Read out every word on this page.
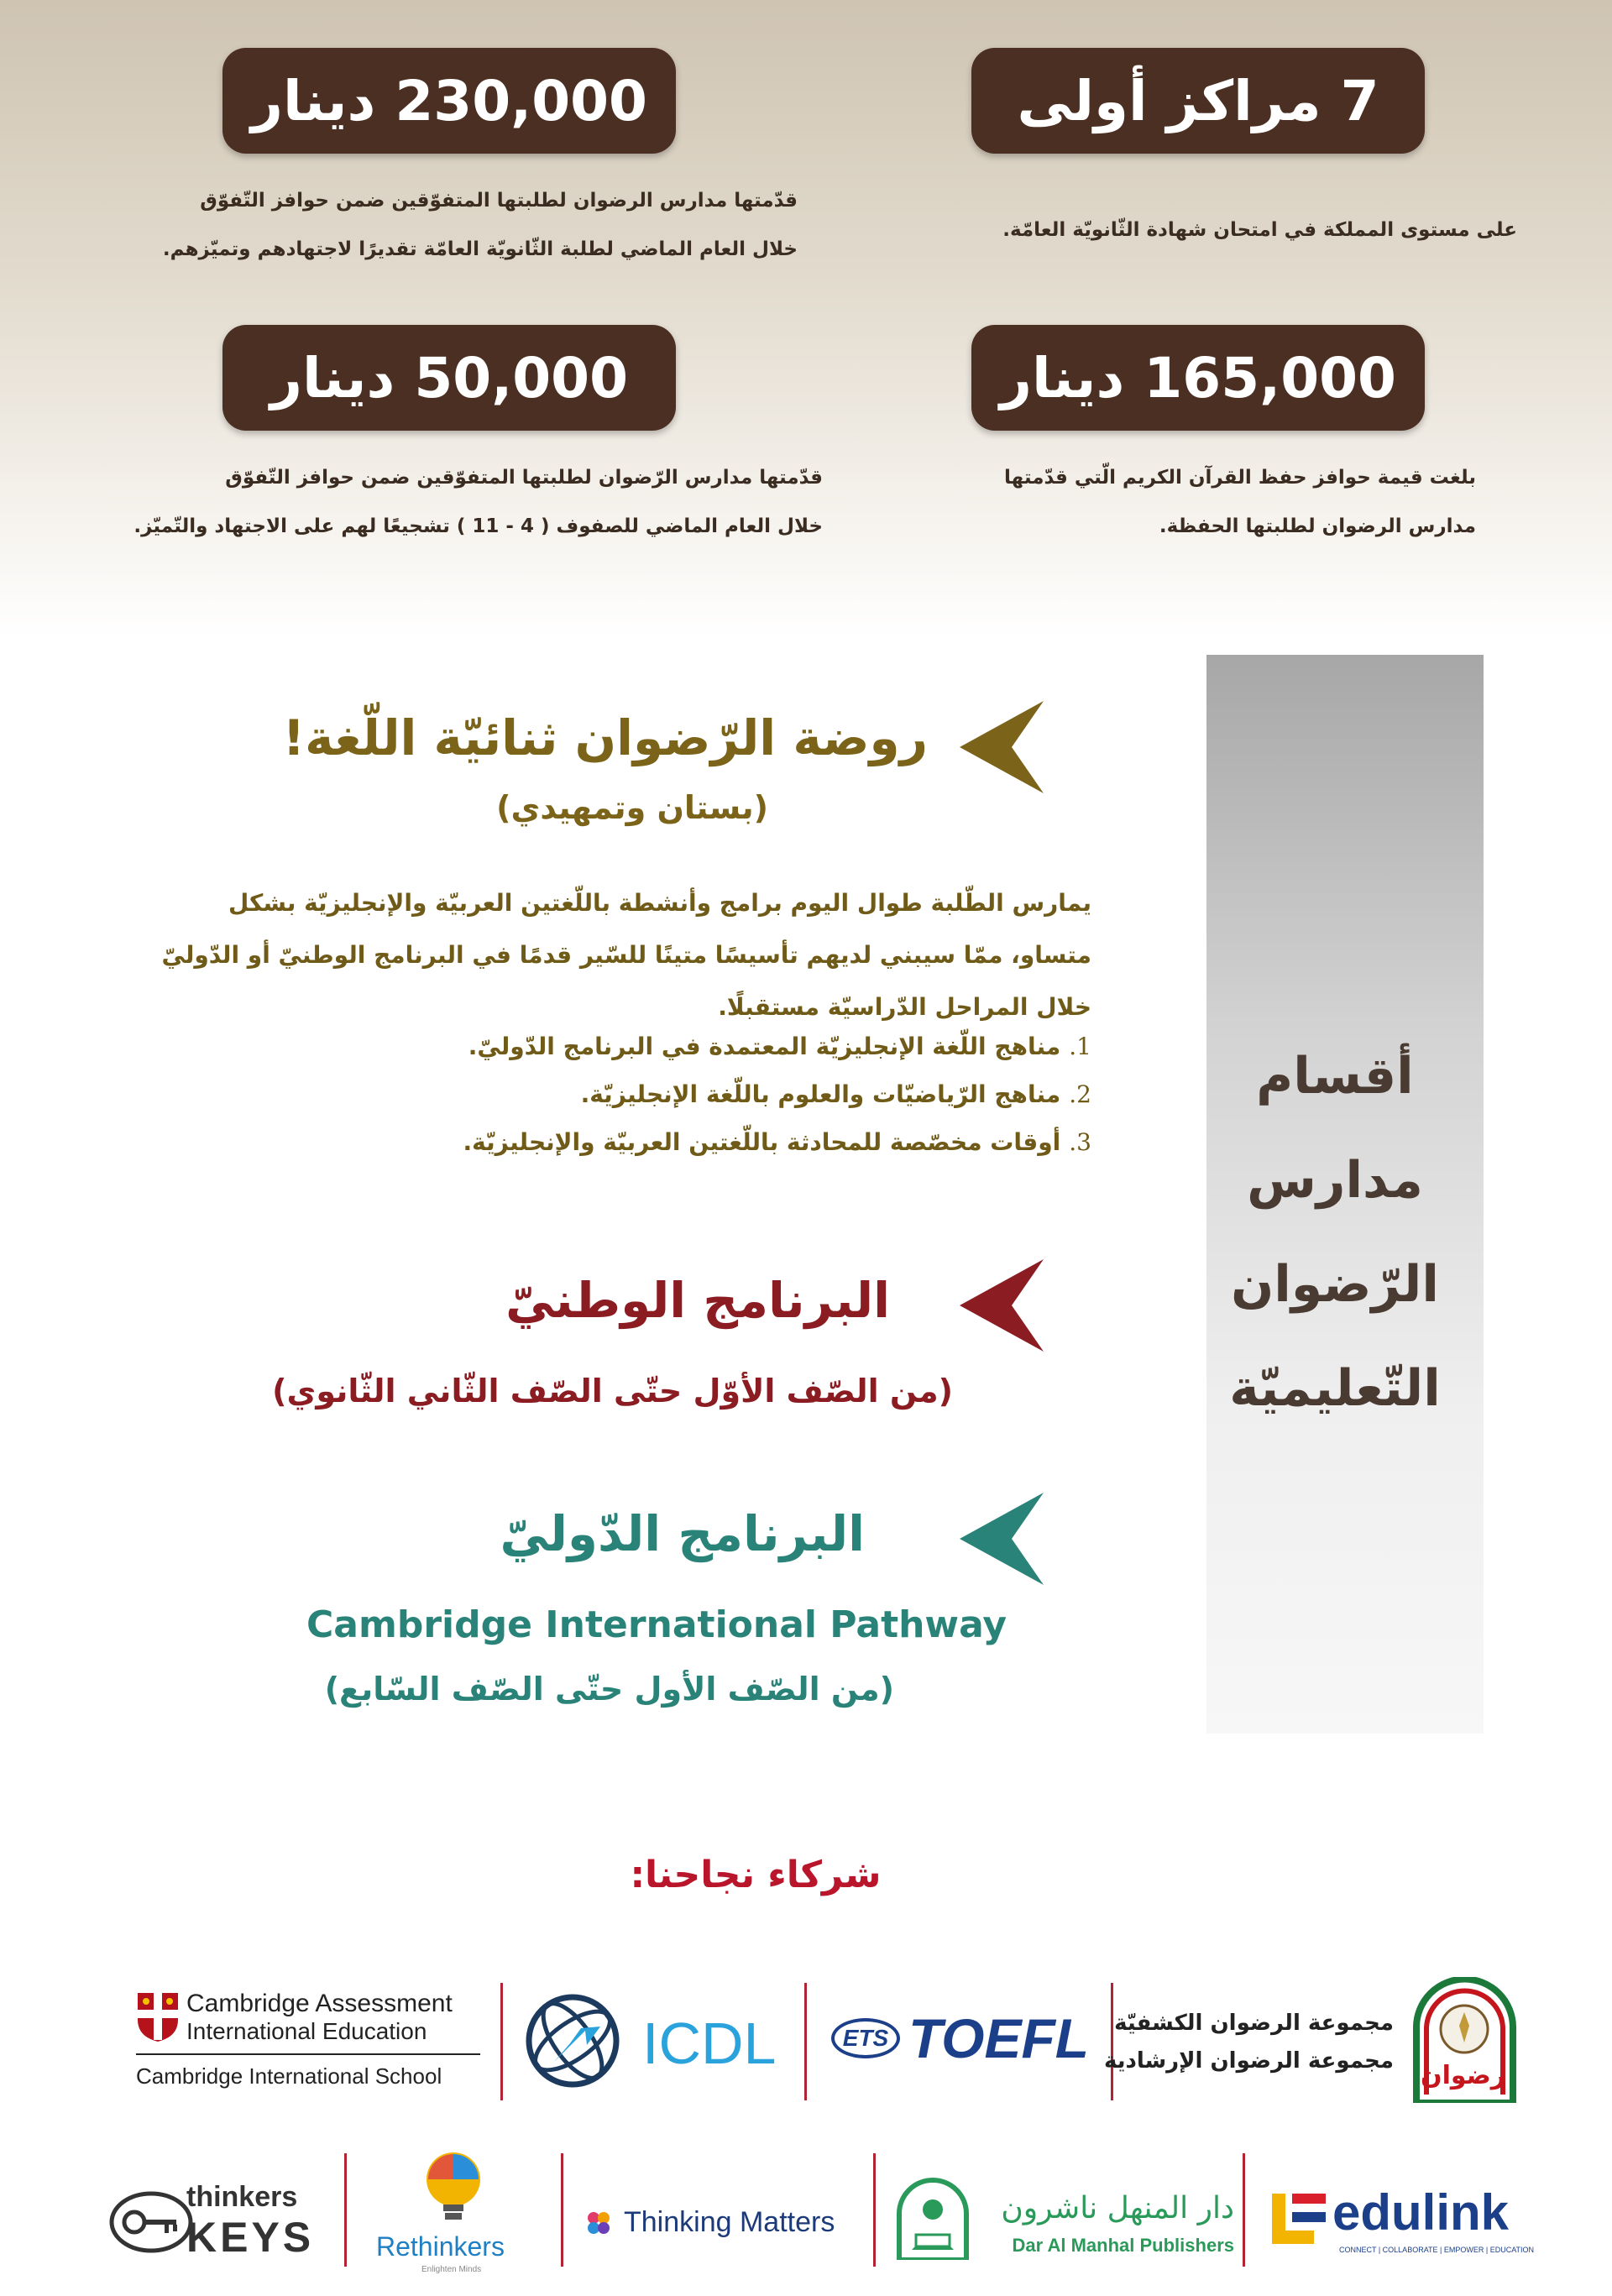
7 مراكز أولى
على مستوى المملكة في امتحان شهادة الثّانويّة العامّة.
230,000 دينار
قدّمتها مدارس الرضوان لطلبتها المتفوّقين ضمن حوافز التّفوّق
خلال العام الماضي لطلبة الثّانويّة العامّة تقديرًا لاجتهادهم وتميّزهم.
165,000 دينار
بلغت قيمة حوافز حفظ القرآن الكريم الّتي قدّمتها
مدارس الرضوان لطلبتها الحفظة.
50,000 دينار
قدّمتها مدارس الرّضوان لطلبتها المتفوّقين ضمن حوافز التّفوّق
خلال العام الماضي للصفوف ( 4 - 11 ) تشجيعًا لهم على الاجتهاد والتّميّز.
أقسام
مدارس
الرّضوان
التّعليميّة
روضة الرّضوان ثنائيّة اللّغة!
(بستان وتمهيدي)
يمارس الطّلبة طوال اليوم برامج وأنشطة باللّغتين العربيّة والإنجليزيّة بشكل
متساو، ممّا سيبني لديهم تأسيسًا متينًا للسّير قدمًا في البرنامج الوطنيّ أو الدّوليّ
خلال المراحل الدّراسيّة مستقبلًا.
1.مناهج اللّغة الإنجليزيّة المعتمدة في البرنامج الدّوليّ.
2.مناهج الرّياضيّات والعلوم باللّغة الإنجليزيّة.
3.أوقات مخصّصة للمحادثة باللّغتين العربيّة والإنجليزيّة.
البرنامج الوطنيّ
(من الصّف الأوّل حتّى الصّف الثّاني الثّانوي)
البرنامج الدّوليّ
Cambridge International Pathway
(من الصّف الأول حتّى الصّف السّابع)
شركاء نجاحنا:
رضوان
مجموعة الرضوان الكشفيّة
مجموعة الرضوان الإرشادية
ETS TOEFL
ICDL
Cambridge Assessment
International Education
Cambridge International School
edulink
CONNECT | COLLABORATE | EMPOWER | EDUCATION
دار المنهل ناشرون
Dar Al Manhal Publishers
Thinking Matters
Rethinkers
Enlighten Minds
thinkers
KEYS
